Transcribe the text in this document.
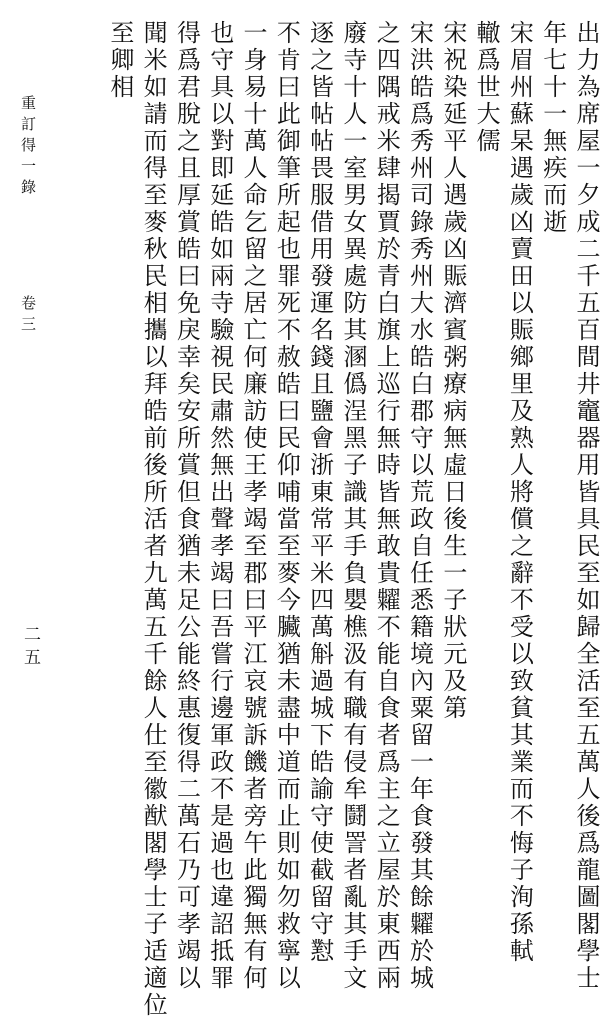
出力為席屋一夕成二千五百間井竈器用皆具民至如歸全活至五萬人後爲龍圖閣學士
年七十一無疾而逝
宋眉州蘇杲遇歲凶賣田以賑鄉里及熟人將償之辭不受以致貧其業而不悔子洵孫軾
轍爲世大儒
宋祝染延平人遇歲凶賑濟賓粥療病無虛日後生一子狀元及第
宋洪皓爲秀州司錄秀州大水皓白郡守以荒政自任悉籍境內粟留一年食發其餘糶於城
之四隅戒米肆揭賈於青白旗上巡行無時皆無敢貴糶不能自食者爲主之立屋於東西兩
廢寺十人一室男女異處防其溷僞浧黑子識其手負嬰樵汲有職有侵牟鬪詈者亂其手文
逐之皆帖帖畏服借用發運名錢且鹽會浙東常平米四萬斛過城下皓諭守使截留守懟
不肯曰此御筆所起也罪死不赦皓曰民仰哺當至麥今臟猶未盡中道而止則如勿救寧以
一身易十萬人命乞留之居亡何廉訪使王孝竭至郡曰平江哀號訴饑者旁午此獨無有何
也守具以對即延皓如兩寺驗視民肅然無出聲孝竭曰吾嘗行邊軍政不是過也違詔抵罪
得爲君脫之且厚賞皓曰免戾幸矣安所賞但食猶未足公能終惠復得二萬石乃可孝竭以
聞米如請而得至麥秋民相攜以拜皓前後所活者九萬五千餘人仕至徽猷閣學士子适適位
至卿相
重訂得一錄
卷三
二五
